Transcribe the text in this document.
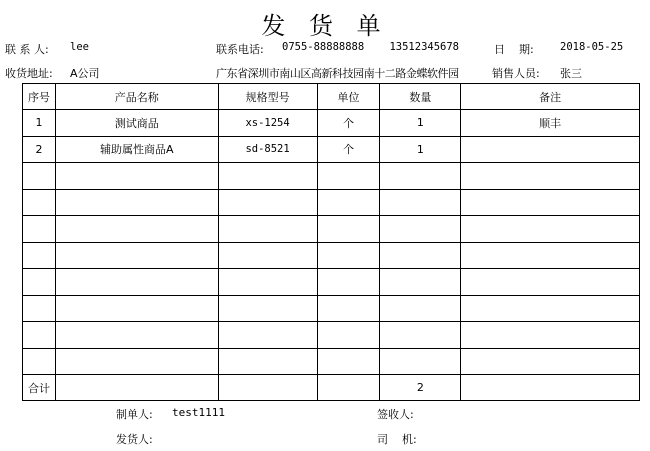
发 货 单
联 系 人: lee	联系电话: 0755-88888888    13512345678	日    期:	2018-05-25
收货地址: A公司	广东省深圳市南山区高新科技园南十二路金蝶软件园	销售人员: 张三
序号	产品名称	规格型号	单位	数量	备注
1	测试商品	xs-1254	个	1	顺丰
2	辅助属性商品A	sd-8521	个	1	

合计				2	
制单人: test1111	签收人:
发货人:	司    机:
